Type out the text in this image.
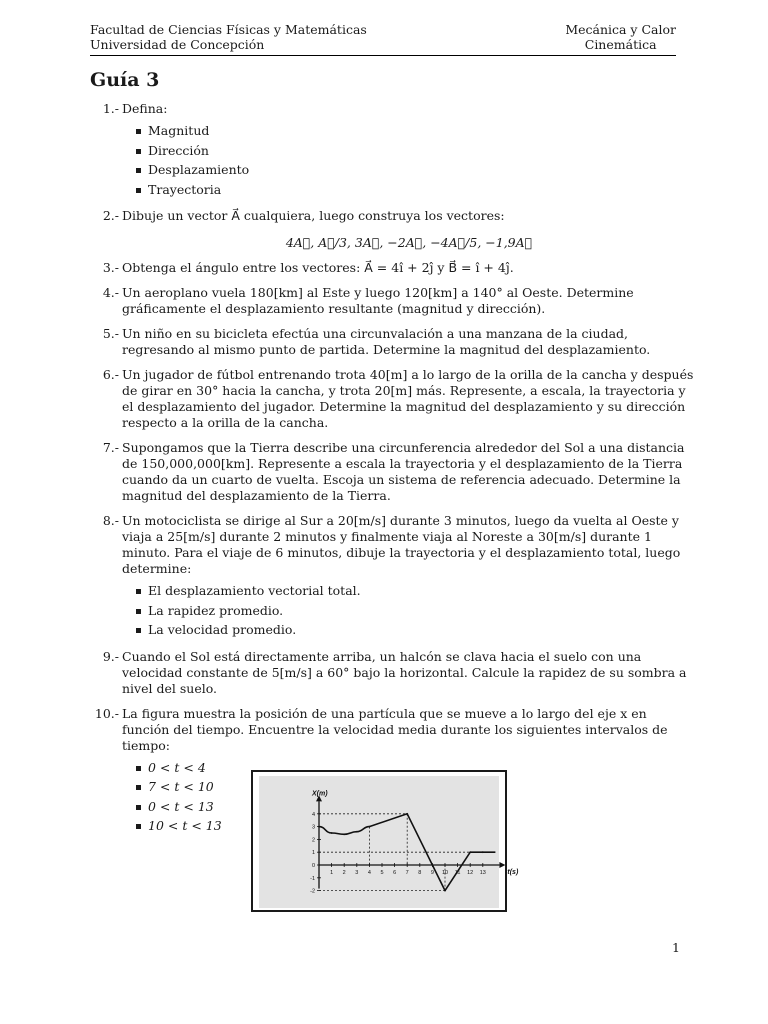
Facultad de Ciencias Físicas y Matemáticas
Universidad de Concepción
Mecánica y Calor
Cinemática
Guía 3
1.- Defina:
Magnitud
Dirección
Desplazamiento
Trayectoria
2.- Dibuje un vector A⃗ cualquiera, luego construya los vectores:
4A⃗, A⃗/3, 3A⃗, −2A⃗, −4A⃗/5, −1,9A⃗
3.- Obtenga el ángulo entre los vectores: A⃗ = 4î + 2ĵ y B⃗ = î + 4ĵ.
4.- Un aeroplano vuela 180[km] al Este y luego 120[km] a 140° al Oeste. Determine gráficamente el desplazamiento resultante (magnitud y dirección).
5.- Un niño en su bicicleta efectúa una circunvalación a una manzana de la ciudad, regresando al mismo punto de partida. Determine la magnitud del desplazamiento.
6.- Un jugador de fútbol entrenando trota 40[m] a lo largo de la orilla de la cancha y después de girar en 30° hacia la cancha, y trota 20[m] más. Represente, a escala, la trayectoria y el desplazamiento del jugador. Determine la magnitud del desplazamiento y su dirección respecto a la orilla de la cancha.
7.- Supongamos que la Tierra describe una circunferencia alrededor del Sol a una distancia de 150,000,000[km]. Represente a escala la trayectoria y el desplazamiento de la Tierra cuando da un cuarto de vuelta. Escoja un sistema de referencia adecuado. Determine la magnitud del desplazamiento de la Tierra.
8.- Un motociclista se dirige al Sur a 20[m/s] durante 3 minutos, luego da vuelta al Oeste y viaja a 25[m/s] durante 2 minutos y finalmente viaja al Noreste a 30[m/s] durante 1 minuto. Para el viaje de 6 minutos, dibuje la trayectoria y el desplazamiento total, luego determine:
El desplazamiento vectorial total.
La rapidez promedio.
La velocidad promedio.
9.- Cuando el Sol está directamente arriba, un halcón se clava hacia el suelo con una velocidad constante de 5[m/s] a 60° bajo la horizontal. Calcule la rapidez de su sombra a nivel del suelo.
10.- La figura muestra la posición de una partícula que se mueve a lo largo del eje x en función del tiempo. Encuentre la velocidad media durante los siguientes intervalos de tiempo:
0 < t < 4
7 < t < 10
0 < t < 13
10 < t < 13
1 2 3 4 5 6 7 8 9 10 11 12 13
4
3
2
1
0
-1
-2
X(m)
t(s)
1
